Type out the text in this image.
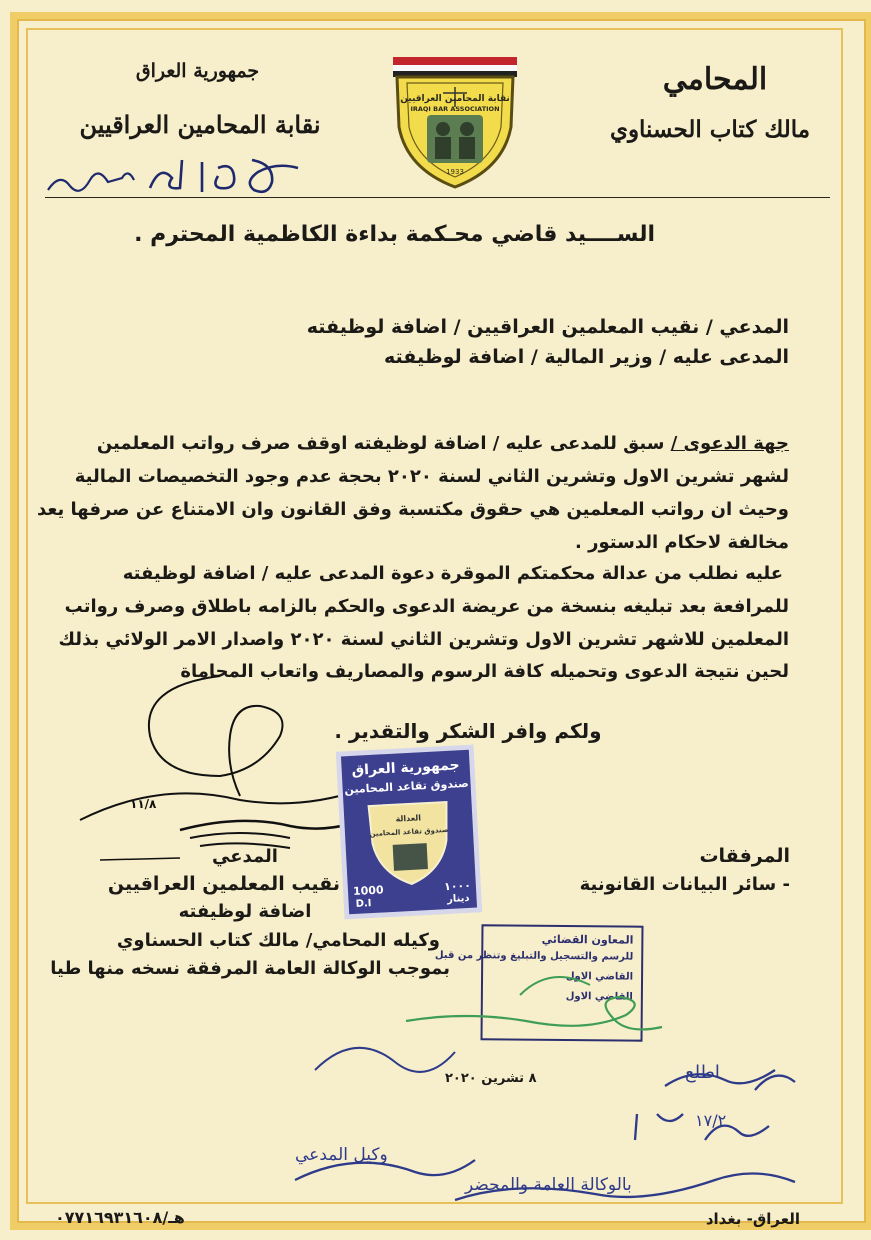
المحامي
مالك كتاب الحسناوي
جمهورية العراق
نقابة المحامين العراقيين
١٠٤٦
نقابة المحامين العراقيين
IRAQI BAR ASSOCIATION
1933
الســــيد قاضي محـكمة بداءة الكاظمية المحترم .
المدعي / نقيب المعلمين العراقيين / اضافة لوظيفته
المدعى عليه / وزير المالية / اضافة لوظيفته
جهة الدعوى / سبق للمدعى عليه / اضافة لوظيفته اوقف صرف رواتب المعلمين
لشهر تشرين الاول وتشرين الثاني لسنة ٢٠٢٠ بحجة عدم وجود التخصيصات المالية
وحيث ان رواتب المعلمين هي حقوق مكتسبة وفق القانون وان الامتناع عن صرفها يعد
مخالفة لاحكام الدستور .
عليه نطلب من عدالة محكمتكم الموقرة دعوة المدعى عليه / اضافة لوظيفته
للمرافعة بعد تبليغه بنسخة من عريضة الدعوى والحكم بالزامه باطلاق وصرف رواتب
المعلمين للاشهر تشرين الاول وتشرين الثاني لسنة ٢٠٢٠ واصدار الامر الولائي بذلك
لحين نتيجة الدعوى وتحميله كافة الرسوم والمصاريف واتعاب المحاماة
ولكم وافر الشكر والتقدير .
المرفقات
- سائر البيانات القانونية
المدعي
نقيب المعلمين العراقيين
اضافة لوظيفته
وكيله المحامي/ مالك كتاب الحسناوي
بموجب الوكالة العامة المرفقة نسخه منها طيا
١١/٨
جمهورية العراق
صندوق تقاعد المحامين
العدالة
صندوق تقاعد المحامين
1000
D.I
١٠٠٠
دينار
المعاون القضائي
للرسم والتسجيل والتبليغ وتنظر من قبل
القاضي الاول
القاضي الاول
٨ تشرين ٢٠٢٠	اطلع
١٧/٢
بالوكالة العامة والمحضر
وكيل المدعي
هـ/٠٧٧١٦٩٣١٦٠٨	العراق- بغداد
